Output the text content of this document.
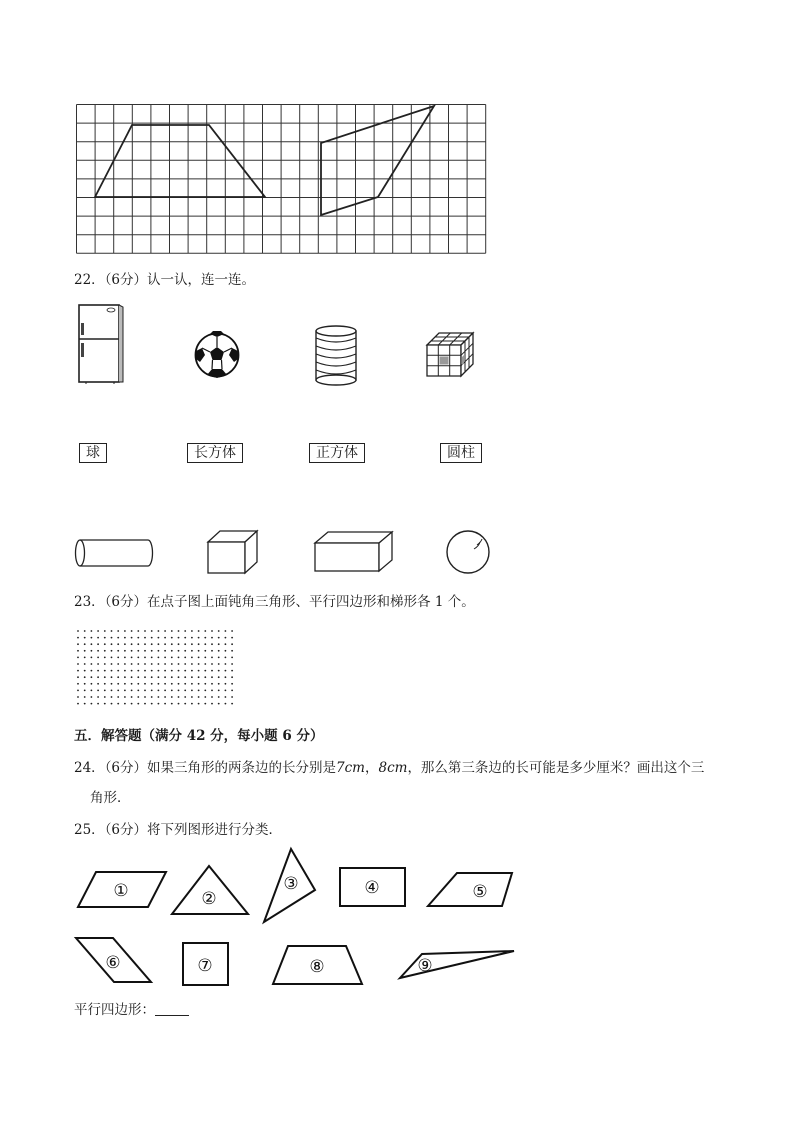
22．（6分）认一认，连一连。
球	长方体	正方体	圆柱
23．（6分）在点子图上面钝角三角形、平行四边形和梯形各 1 个。
五．解答题（满分 42 分，每小题 6 分）
24．（6分）如果三角形的两条边的长分别是7cm，8cm，那么第三条边的长可能是多少厘米？画出这个三
角形．
25．（6分）将下列图形进行分类．
①	②
③	④	⑤
⑥	⑦	⑧	⑨
平行四边形：
